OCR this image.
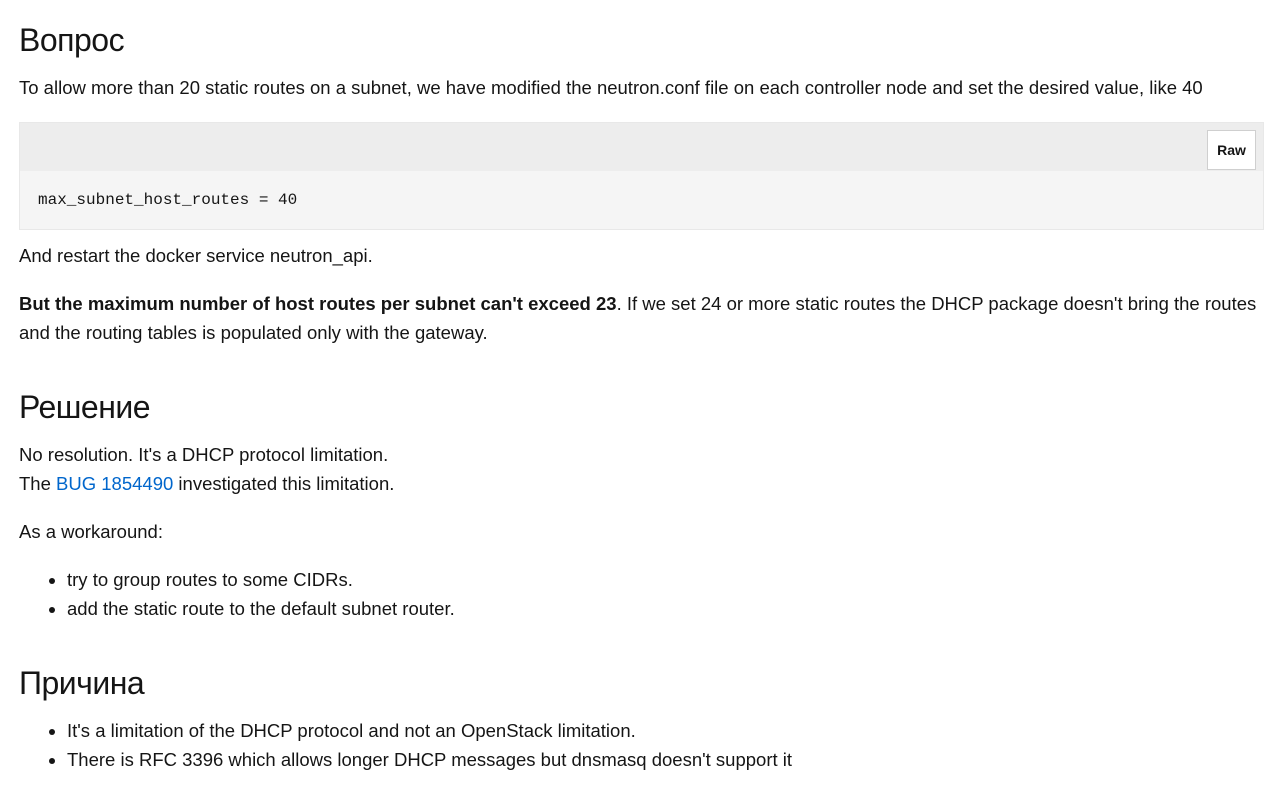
Вопрос

To allow more than 20 static routes on a subnet, we have modified the neutron.conf file on each controller node and set the desired value, like 40

Raw
max_subnet_host_routes = 40

And restart the docker service neutron_api.

But the maximum number of host routes per subnet can't exceed 23. If we set 24 or more static routes the DHCP package doesn't bring the routes and the routing tables is populated only with the gateway.

Решение

No resolution. It's a DHCP protocol limitation.

The BUG 1854490 investigated this limitation.

As a workaround:

try to group routes to some CIDRs.
add the static route to the default subnet router.
Причина
It's a limitation of the DHCP protocol and not an OpenStack limitation.
There is RFC 3396 which allows longer DHCP messages but dnsmasq doesn't support it
